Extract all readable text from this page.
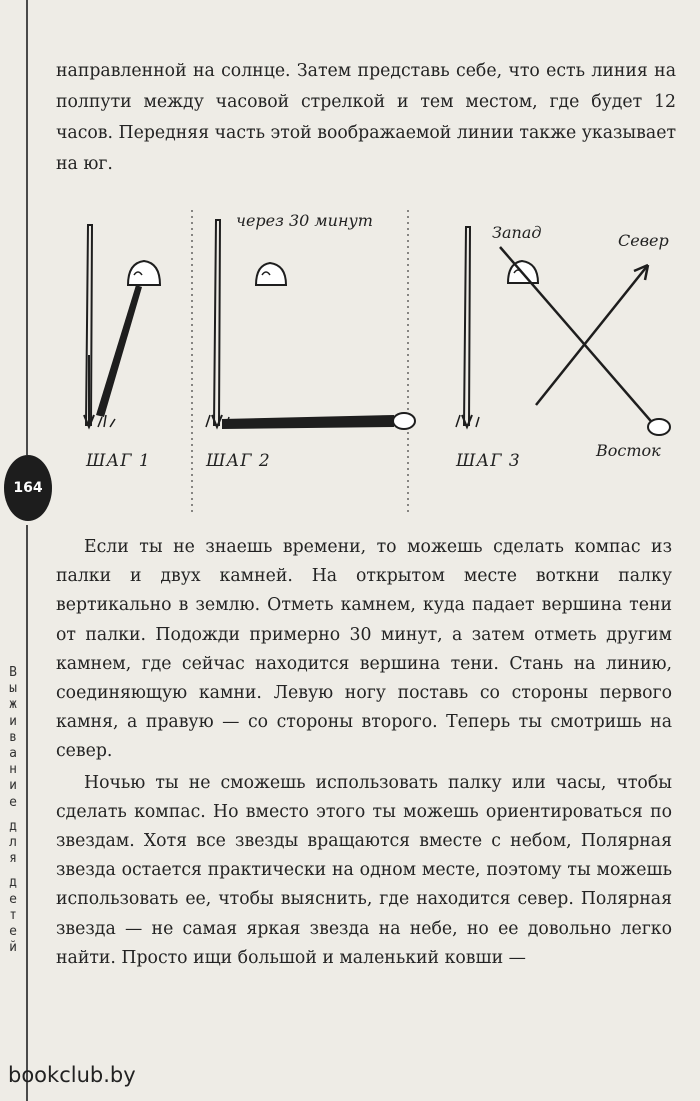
164
В
ы
ж
и
в
а
н
и
е
д
л
я
д
е
т
е
й

направленной на солнце. Затем представь себе, что есть линия на полпути между часовой стрелкой и тем местом, где будет 12 часов. Передняя часть этой воображаемой линии также указывает на юг.

через 30 минут
Запад	Север
Восток
ШАГ 1	ШАГ 2	ШАГ 3

Если ты не знаешь времени, то можешь сделать компас из палки и двух камней. На открытом месте воткни палку вертикально в землю. Отметь камнем, куда падает вершина тени от палки. Подожди примерно 30 минут, а затем отметь другим камнем, где сейчас находится вершина тени. Стань на линию, соединяющую камни. Левую ногу поставь со стороны первого камня, а правую — со стороны второго. Теперь ты смотришь на север.

Ночью ты не сможешь использовать палку или часы, чтобы сделать компас. Но вместо этого ты можешь ориентироваться по звездам. Хотя все звезды вращаются вместе с небом, Полярная звезда остается практически на одном месте, поэтому ты можешь использовать ее, чтобы выяснить, где находится север. Полярная звезда — не самая яркая звезда на небе, но ее довольно легко найти. Просто ищи большой и маленький ковши —

bookclub.by
